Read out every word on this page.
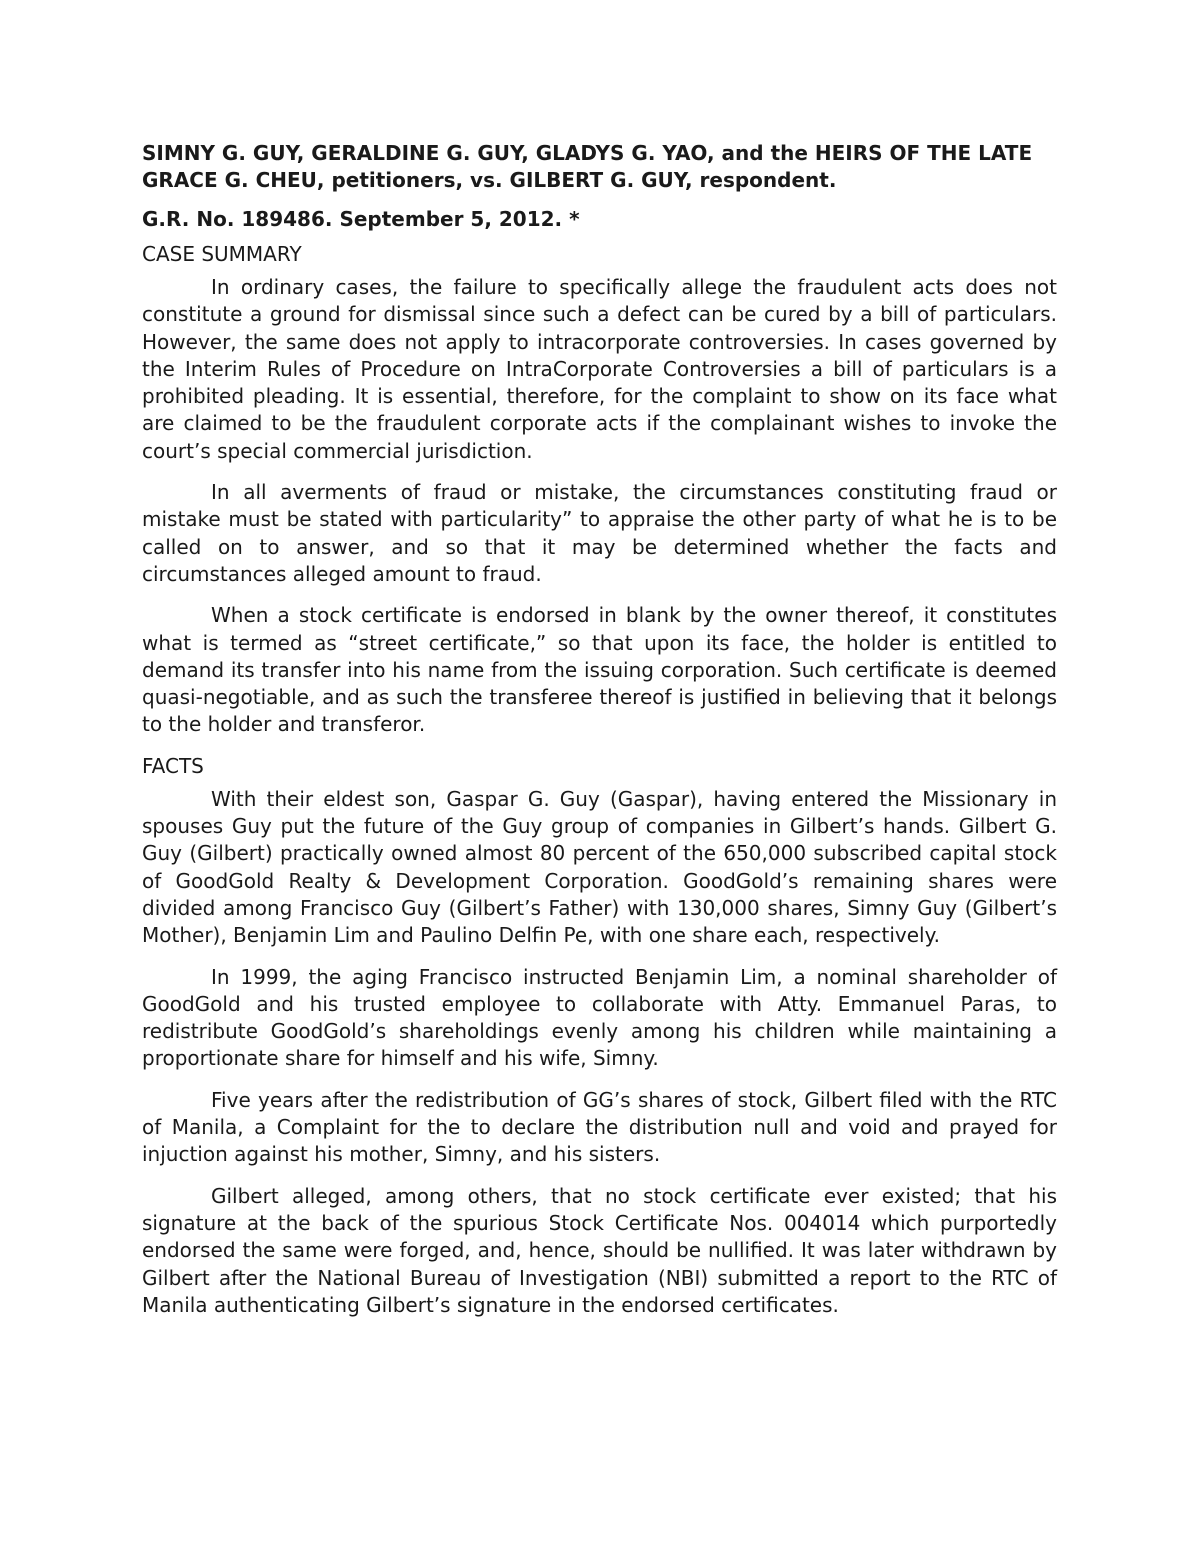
SIMNY G. GUY, GERALDINE G. GUY, GLADYS G. YAO, and the HEIRS OF THE LATE GRACE G. CHEU, petitioners, vs. GILBERT G. GUY, respondent.

G.R. No. 189486. September 5, 2012. *

CASE SUMMARY

In ordinary cases, the failure to specifically allege the fraudulent acts does not constitute a ground for dismissal since such a defect can be cured by a bill of particulars. However, the same does not apply to intracorporate controversies. In cases governed by the Interim Rules of Procedure on IntraCorporate Controversies a bill of particulars is a prohibited pleading. It is essential, therefore, for the complaint to show on its face what are claimed to be the fraudulent corporate acts if the complainant wishes to invoke the court’s special commercial jurisdiction.

In all averments of fraud or mistake, the circumstances constituting fraud or mistake must be stated with particularity” to appraise the other party of what he is to be called on to answer, and so that it may be determined whether the facts and circumstances alleged amount to fraud.

When a stock certificate is endorsed in blank by the owner thereof, it constitutes what is termed as “street certificate,” so that upon its face, the holder is entitled to demand its transfer into his name from the issuing corporation. Such certificate is deemed quasi-negotiable, and as such the transferee thereof is justified in believing that it belongs to the holder and transferor.

FACTS

With their eldest son, Gaspar G. Guy (Gaspar), having entered the Missionary in spouses Guy put the future of the Guy group of companies in Gilbert’s hands. Gilbert G. Guy (Gilbert) practically owned almost 80 percent of the 650,000 subscribed capital stock of GoodGold Realty & Development Corporation. GoodGold’s remaining shares were divided among Francisco Guy (Gilbert’s Father) with 130,000 shares, Simny Guy (Gilbert’s Mother), Benjamin Lim and Paulino Delfin Pe, with one share each, respectively.

In 1999, the aging Francisco instructed Benjamin Lim, a nominal shareholder of GoodGold and his trusted employee to collaborate with Atty. Emmanuel Paras, to redistribute GoodGold’s shareholdings evenly among his children while maintaining a proportionate share for himself and his wife, Simny.

Five years after the redistribution of GG’s shares of stock, Gilbert filed with the RTC of Manila, a Complaint for the to declare the distribution null and void and prayed for injuction against his mother, Simny, and his sisters.

Gilbert alleged, among others, that no stock certificate ever existed; that his signature at the back of the spurious Stock Certificate Nos. 004014 which purportedly endorsed the same were forged, and, hence, should be nullified. It was later withdrawn by Gilbert after the National Bureau of Investigation (NBI) submitted a report to the RTC of Manila authenticating Gilbert’s signature in the endorsed certificates.
